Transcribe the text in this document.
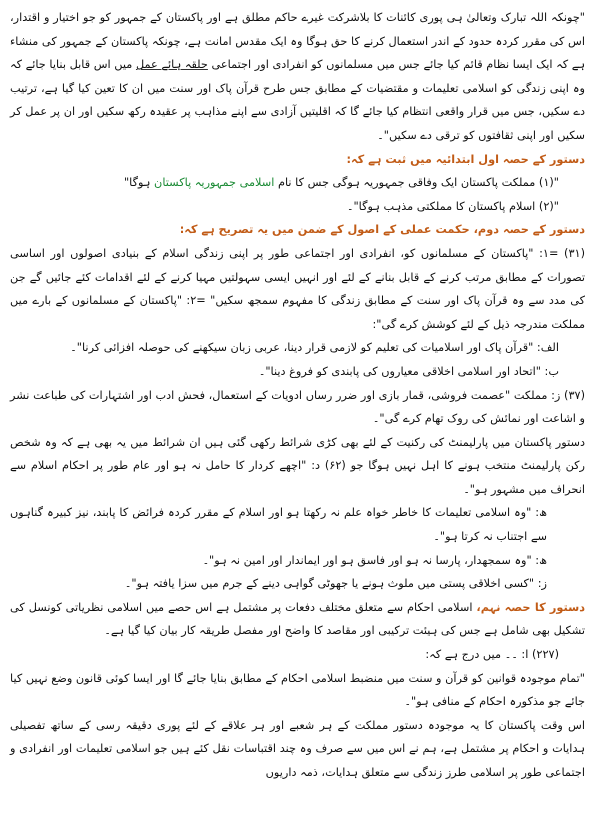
"چونکہ اللہ تبارک وتعالیٰ ہی پوری کائنات کا بلاشرکت غیرے حاکم مطلق ہے اور پاکستان کے جمہور کو جو اختیار و اقتدار، اس کی مقرر کردہ حدود کے اندر استعمال کرنے کا حق ہوگا وہ ایک مقدس امانت ہے، چونکہ پاکستان کے جمہور کی منشاء ہے کہ ایک ایسا نظام قائم کیا جائے جس میں مسلمانوں کو انفرادی اور اجتماعی حلقہ ہائے عمل میں اس قابل بنایا جائے کہ وہ اپنی زندگی کو اسلامی تعلیمات و مقتضیات کے مطابق جس طرح قرآن پاک اور سنت میں ان کا تعین کیا گیا ہے، ترتیب دے سکیں، جس میں قرار واقعی انتظام کیا جائے گا کہ اقلیتیں آزادی سے اپنے مذاہب پر عقیدہ رکھ سکیں اور ان پر عمل کر سکیں اور اپنی ثقافتوں کو ترقی دے سکیں"۔

دستور کے حصہ اول ابتدائیہ میں ثبت ہے کہ:

"(۱) مملکت پاکستان ایک وفاقی جمہوریہ ہوگی جس کا نام اسلامی جمہوریہ پاکستان ہوگا"

"(۲) اسلام پاکستان کا مملکتی مذہب ہوگا"۔

دستور کے حصہ دوم، حکمت عملی کے اصول کے ضمن میں یہ تصریح ہے کہ:

(۳۱) =۱: "پاکستان کے مسلمانوں کو، انفرادی اور اجتماعی طور پر اپنی زندگی اسلام کے بنیادی اصولوں اور اساسی تصورات کے مطابق مرتب کرنے کے قابل بنانے کے لئے اور انہیں ایسی سہولتیں مہیا کرنے کے لئے اقدامات کئے جائیں گے جن کی مدد سے وہ قرآن پاک اور سنت کے مطابق زندگی کا مفہوم سمجھ سکیں" =۲: "پاکستان کے مسلمانوں کے بارے میں مملکت مندرجہ ذیل کے لئے کوشش کرے گی":

الف: "قرآن پاک اور اسلامیات کی تعلیم کو لازمی قرار دینا، عربی زبان سیکھنے کی حوصلہ افزائی کرنا"۔

ب: "اتحاد اور اسلامی اخلاقی معیاروں کی پابندی کو فروغ دینا"۔

(۳۷) ز: مملکت "عصمت فروشی، قمار بازی اور ضرر رساں ادویات کے استعمال، فحش ادب اور اشتہارات کی طباعت نشر و اشاعت اور نمائش کی روک تھام کرے گی"۔

دستور پاکستان میں پارلیمنٹ کی رکنیت کے لئے بھی کڑی شرائط رکھی گئی ہیں ان شرائط میں یہ بھی ہے کہ وہ شخص رکن پارلیمنٹ منتخب ہونے کا اہل نہیں ہوگا جو (۶۲) د: "اچھے کردار کا حامل نہ ہو اور عام طور پر احکام اسلام سے انحراف میں مشہور ہو"۔

ھ: "وہ اسلامی تعلیمات کا خاطر خواہ علم نہ رکھتا ہو اور اسلام کے مقرر کردہ فرائض کا پابند، نیز کبیرہ گناہوں سے اجتناب نہ کرتا ہو"۔

ھ: "وہ سمجھدار، پارسا نہ ہو اور فاسق ہو اور ایماندار اور امین نہ ہو"۔

ز: "کسی اخلاقی پستی میں ملوث ہونے یا جھوٹی گواہی دینے کے جرم میں سزا یافتہ ہو"۔

دستور کا حصہ نہم، اسلامی احکام سے متعلق مختلف دفعات پر مشتمل ہے اس حصے میں اسلامی نظریاتی کونسل کی تشکیل بھی شامل ہے جس کی ہیئت ترکیبی اور مقاصد کا واضح اور مفصل طریقہ کار بیان کیا گیا ہے۔

(۲۲۷) ا: ۔۔ میں درج ہے کہ:

"تمام موجودہ قوانین کو قرآن و سنت میں منضبط اسلامی احکام کے مطابق بنایا جائے گا اور ایسا کوئی قانون وضع نہیں کیا جائے جو مذکورہ احکام کے منافی ہو"۔

اس وقت پاکستان کا یہ موجودہ دستور مملکت کے ہر شعبے اور ہر علاقے کے لئے پوری دقیقہ رسی کے ساتھ تفصیلی ہدایات و احکام پر مشتمل ہے، ہم نے اس میں سے صرف وہ چند اقتباسات نقل کئے ہیں جو اسلامی تعلیمات اور انفرادی و اجتماعی طور پر اسلامی طرز زندگی سے متعلق ہدایات، ذمہ داریوں
